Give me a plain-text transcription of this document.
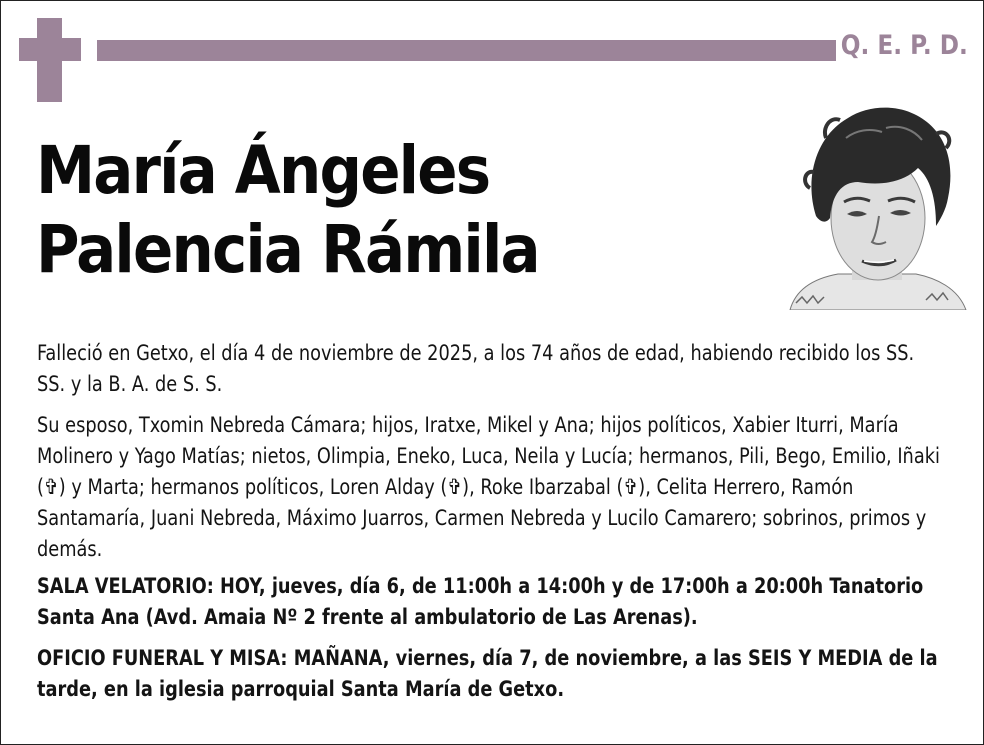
Q. E. P. D.
María Ángeles
Palencia Rámila

Falleció en Getxo, el día 4 de noviembre de 2025, a los 74 años de edad, habiendo recibido los SS. SS. y la B. A. de S. S.

Su esposo, Txomin Nebreda Cámara; hijos, Iratxe, Mikel y Ana; hijos políticos, Xabier Iturri, María Molinero y Yago Matías; nietos, Olimpia, Eneko, Luca, Neila y Lucía; hermanos, Pili, Bego, Emilio, Iñaki (✞) y Marta; hermanos políticos, Loren Alday (✞), Roke Ibarzabal (✞), Celita Herrero, Ramón Santamaría, Juani Nebreda, Máximo Juarros, Carmen Nebreda y Lucilo Camarero; sobrinos, primos y demás.

SALA VELATORIO: HOY, jueves, día 6, de 11:00h a 14:00h y de 17:00h a 20:00h Tanatorio Santa Ana (Avd. Amaia Nº 2 frente al ambulatorio de Las Arenas).

OFICIO FUNERAL Y MISA: MAÑANA, viernes, día 7, de noviembre, a las SEIS Y MEDIA de la tarde, en la iglesia parroquial Santa María de Getxo.
